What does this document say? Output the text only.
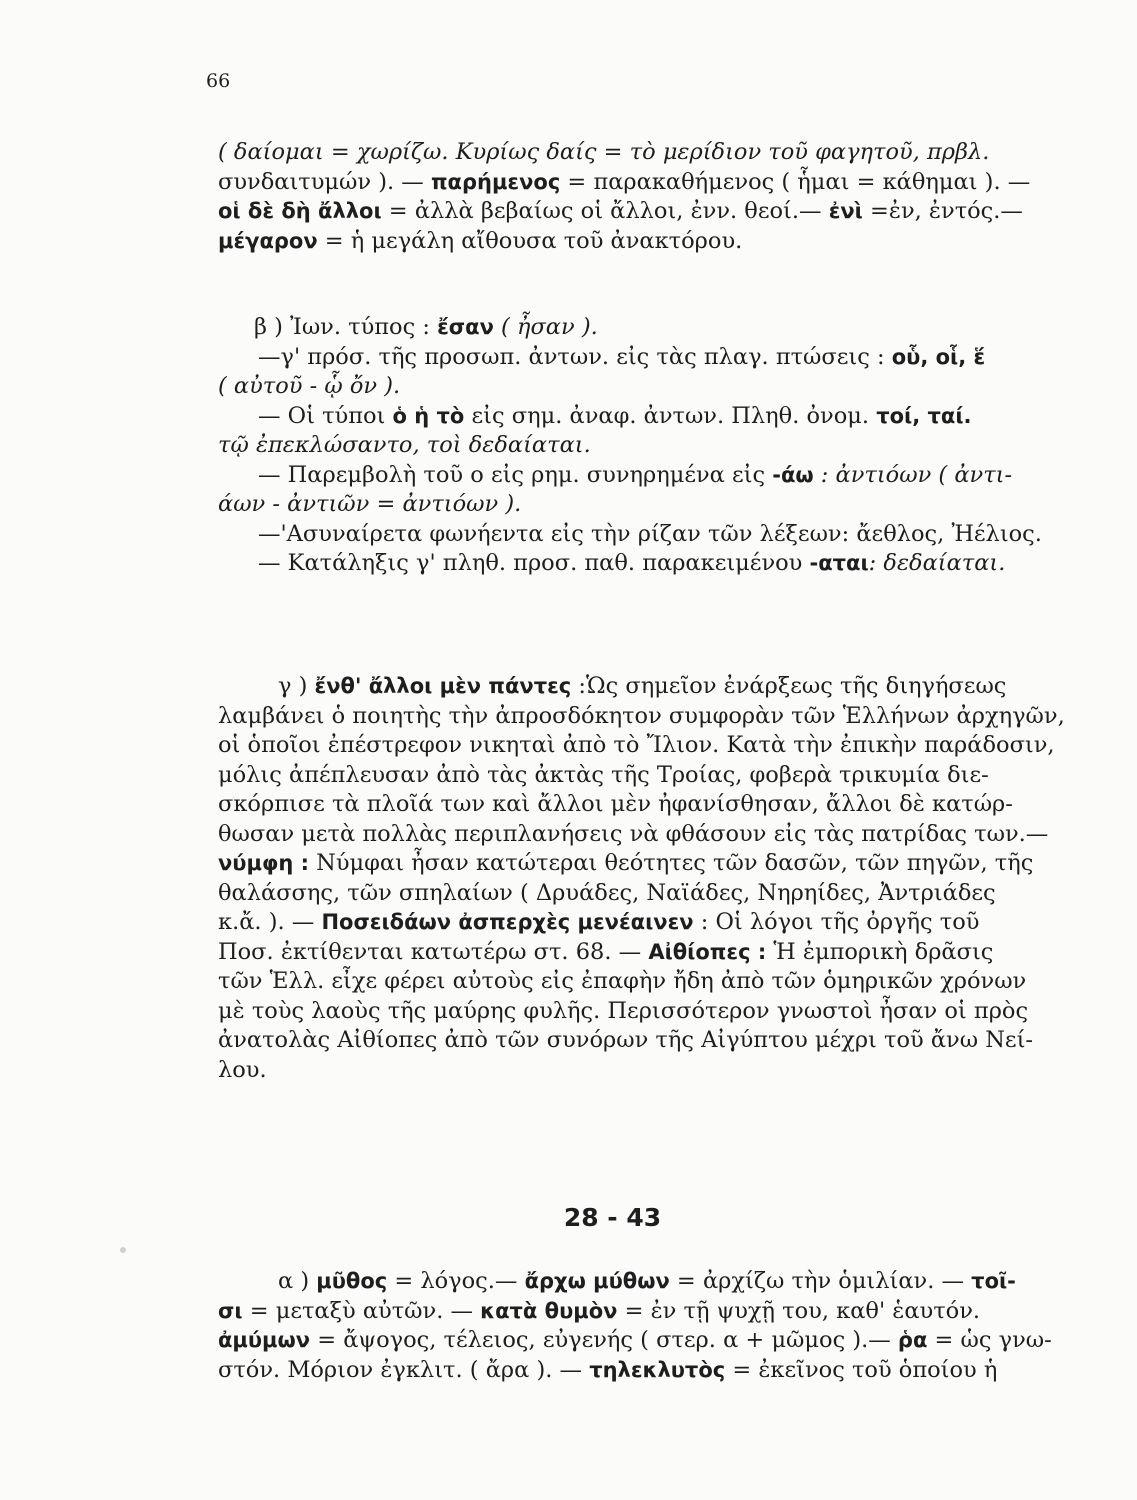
66
( δαίομαι = χωρίζω. Κυρίως δαίς = τὸ μερίδιον τοῦ φαγητοῦ, πρβλ.
συνδαιτυμών ). — παρήμενος = παρακαθήμενος ( ἧμαι = κάθημαι ). —
οἱ δὲ δὴ ἄλλοι = ἀλλὰ βεβαίως οἱ ἄλλοι, ἐνν. θεοί.— ἐνὶ =ἐν, ἐντός.—
μέγαρον = ἡ μεγάλη αἴθουσα τοῦ ἀνακτόρου.
β ) Ἰων. τύπος : ἔσαν ( ἦσαν ).
—γ' πρόσ. τῆς προσωπ. ἀντων. εἰς τὰς πλαγ. πτώσεις : οὗ, οἷ, ἕ
( αὐτοῦ - ᾧ ὄν ).
— Οἱ τύποι ὁ ἡ τὸ εἰς σημ. ἀναφ. ἀντων. Πληθ. ὀνομ. τοί, ταί.
τῷ ἐπεκλώσαντο, τοὶ δεδαίαται.
— Παρεμβολὴ τοῦ ο εἰς ρημ. συνηρημένα εἰς -άω : ἀντιόων ( ἀντι-
άων - ἀντιῶν = ἀντιόων ).
—'Ασυναίρετα φωνήεντα εἰς τὴν ρίζαν τῶν λέξεων: ἄεθλος, Ἠέλιος.
— Κατάληξις γ' πληθ. προσ. παθ. παρακειμένου -αται: δεδαίαται.
γ ) ἔνθ' ἄλλοι μὲν πάντες :Ὡς σημεῖον ἐνάρξεως τῆς διηγήσεως
λαμβάνει ὁ ποιητὴς τὴν ἀπροσδόκητον συμφορὰν τῶν Ἑλλήνων ἀρχηγῶν,
οἱ ὁποῖοι ἐπέστρεφον νικηταὶ ἀπὸ τὸ Ἴλιον. Κατὰ τὴν ἐπικὴν παράδοσιν,
μόλις ἀπέπλευσαν ἀπὸ τὰς ἀκτὰς τῆς Τροίας, φοβερὰ τρικυμία διε-
σκόρπισε τὰ πλοῖά των καὶ ἄλλοι μὲν ἠφανίσθησαν, ἄλλοι δὲ κατώρ-
θωσαν μετὰ πολλὰς περιπλανήσεις νὰ φθάσουν εἰς τὰς πατρίδας των.—
νύμφη : Νύμφαι ἦσαν κατώτεραι θεότητες τῶν δασῶν, τῶν πηγῶν, τῆς
θαλάσσης, τῶν σπηλαίων ( Δρυάδες, Ναϊάδες, Νηρηίδες, Ἀντριάδες
κ.ἄ. ). — Ποσειδάων ἀσπερχὲς μενέαινεν : Οἱ λόγοι τῆς ὀργῆς τοῦ
Ποσ. ἐκτίθενται κατωτέρω στ. 68. — Αἰθίοπες : Ἡ ἐμπορικὴ δρᾶσις
τῶν Ἑλλ. εἶχε φέρει αὐτοὺς εἰς ἐπαφὴν ἤδη ἀπὸ τῶν ὁμηρικῶν χρόνων
μὲ τοὺς λαοὺς τῆς μαύρης φυλῆς. Περισσότερον γνωστοὶ ἦσαν οἱ πρὸς
ἀνατολὰς Αἰθίοπες ἀπὸ τῶν συνόρων τῆς Αἰγύπτου μέχρι τοῦ ἄνω Νεί-
λου.
28 - 43
α ) μῦθος = λόγος.— ἄρχω μύθων = ἀρχίζω τὴν ὁμιλίαν. — τοῖ-
σι = μεταξὺ αὐτῶν. — κατὰ θυμὸν = ἐν τῇ ψυχῇ του, καθ' ἑαυτόν.
ἀμύμων = ἄψογος, τέλειος, εὐγενής ( στερ. α + μῶμος ).— ῥα = ὡς γνω-
στόν. Μόριον ἐγκλιτ. ( ἄρα ). — τηλεκλυτὸς = ἐκεῖνος τοῦ ὁποίου ἡ
